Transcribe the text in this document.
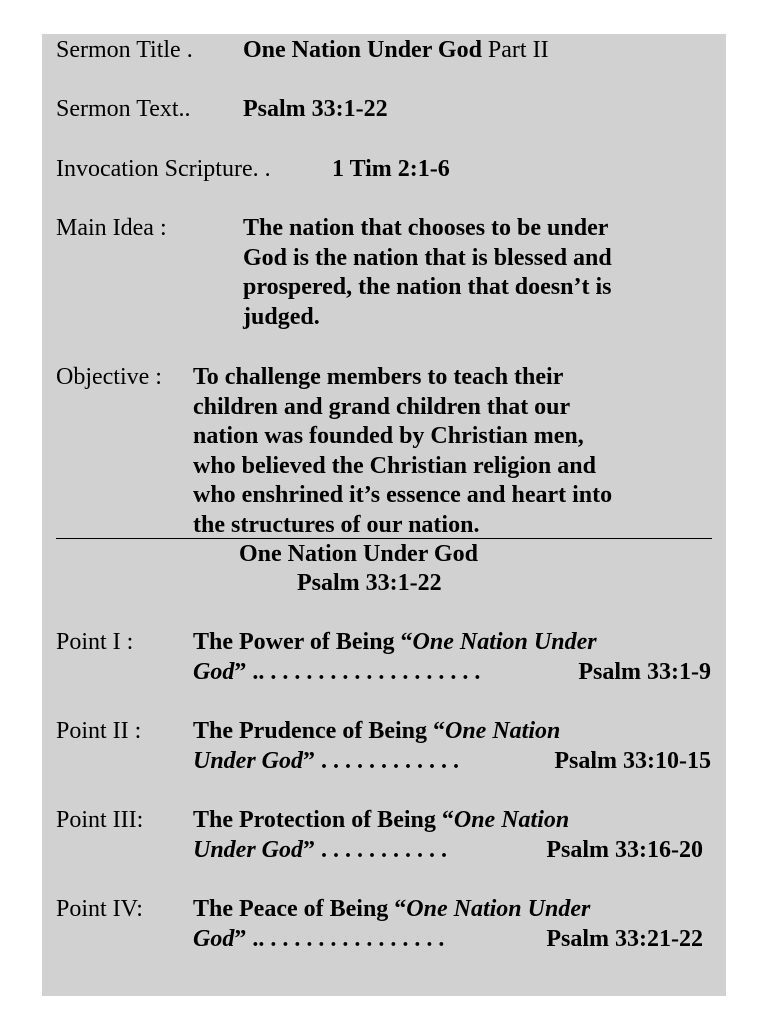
Sermon Title . One Nation Under God Part II
Sermon Text.. Psalm 33:1-22
Invocation Scripture. .	1 Tim 2:1-6
Main Idea :	The nation that chooses to be under
God is the nation that is blessed and
prospered, the nation that doesn’t is
judged.
Objective : To challenge members to teach their
children and grand children that our
nation was founded by Christian men,
who believed the Christian religion and
who enshrined it’s essence and heart into
the structures of our nation.
One Nation Under God
Psalm 33:1-22
Point I : The Power of Being “One Nation Under
God” .. . . . . . . . . . . . . . . . . . .	Psalm 33:1-9
Point II : The Prudence of Being “One Nation
Under God” . . . . . . . . . . . .	Psalm 33:10-15
Point III: The Protection of Being “One Nation
Under God” . . . . . . . . . . .	Psalm 33:16-20
Point IV: The Peace of Being “One Nation Under
God” .. . . . . . . . . . . . . . . .	Psalm 33:21-22
